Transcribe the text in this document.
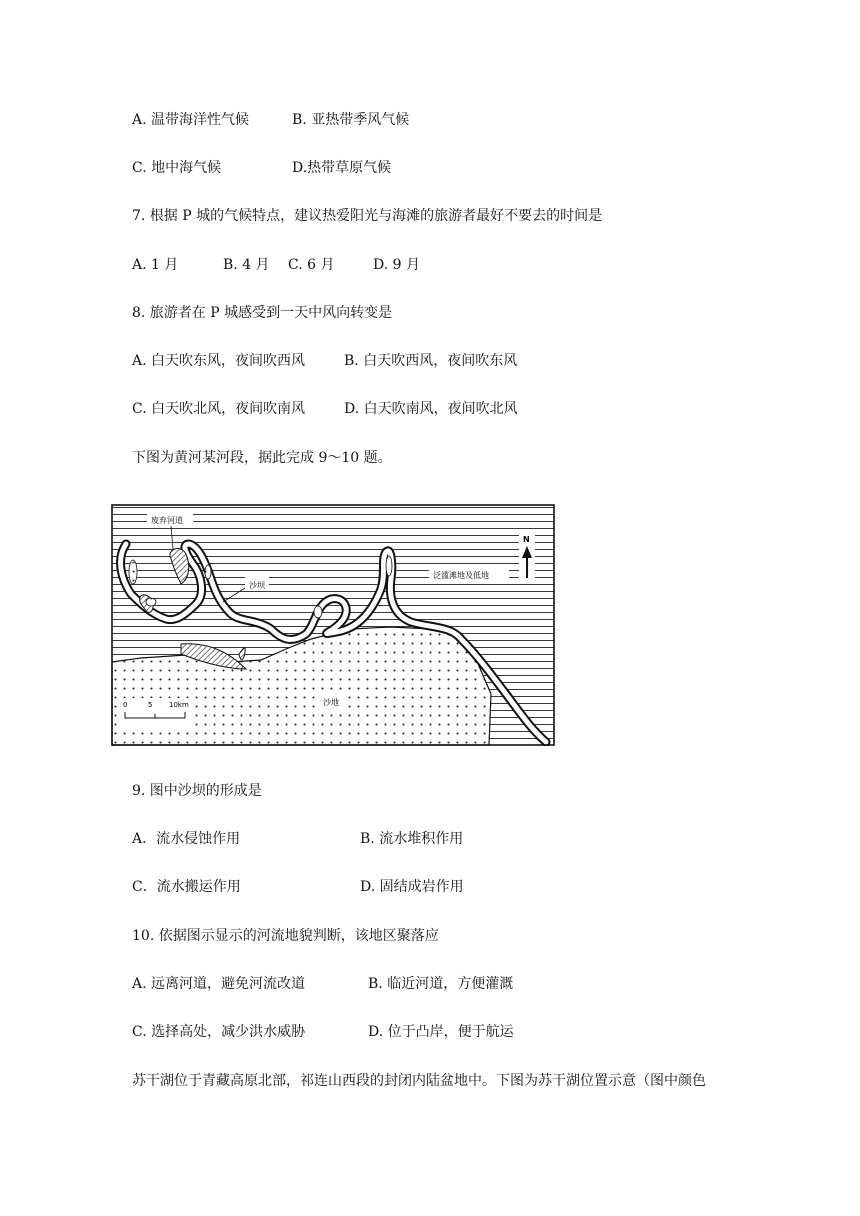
A. 温带海洋性气候	B. 亚热带季风气候
C. 地中海气候	D.热带草原气候
7. 根据 P 城的气候特点，建议热爱阳光与海滩的旅游者最好不要去的时间是
A. 1 月	B. 4 月 C. 6 月	D. 9 月
8. 旅游者在 P 城感受到一天中风向转变是
A. 白天吹东风，夜间吹西风	B. 白天吹西风，夜间吹东风
C. 白天吹北风，夜间吹南风	D. 白天吹南风，夜间吹北风
下图为黄河某河段，据此完成 9～10 题。
废弃河道
沙坝
泛滥滩地及低地
沙地
N
0	5 10km
9. 图中沙坝的形成是
A．流水侵蚀作用	B. 流水堆积作用
C．流水搬运作用	D. 固结成岩作用
10. 依据图示显示的河流地貌判断，该地区聚落应
A. 远离河道，避免河流改道	B. 临近河道，方便灌溉
C. 选择高处，减少洪水威胁	D. 位于凸岸，便于航运
苏干湖位于青藏高原北部，祁连山西段的封闭内陆盆地中。下图为苏干湖位置示意（图中颜色
